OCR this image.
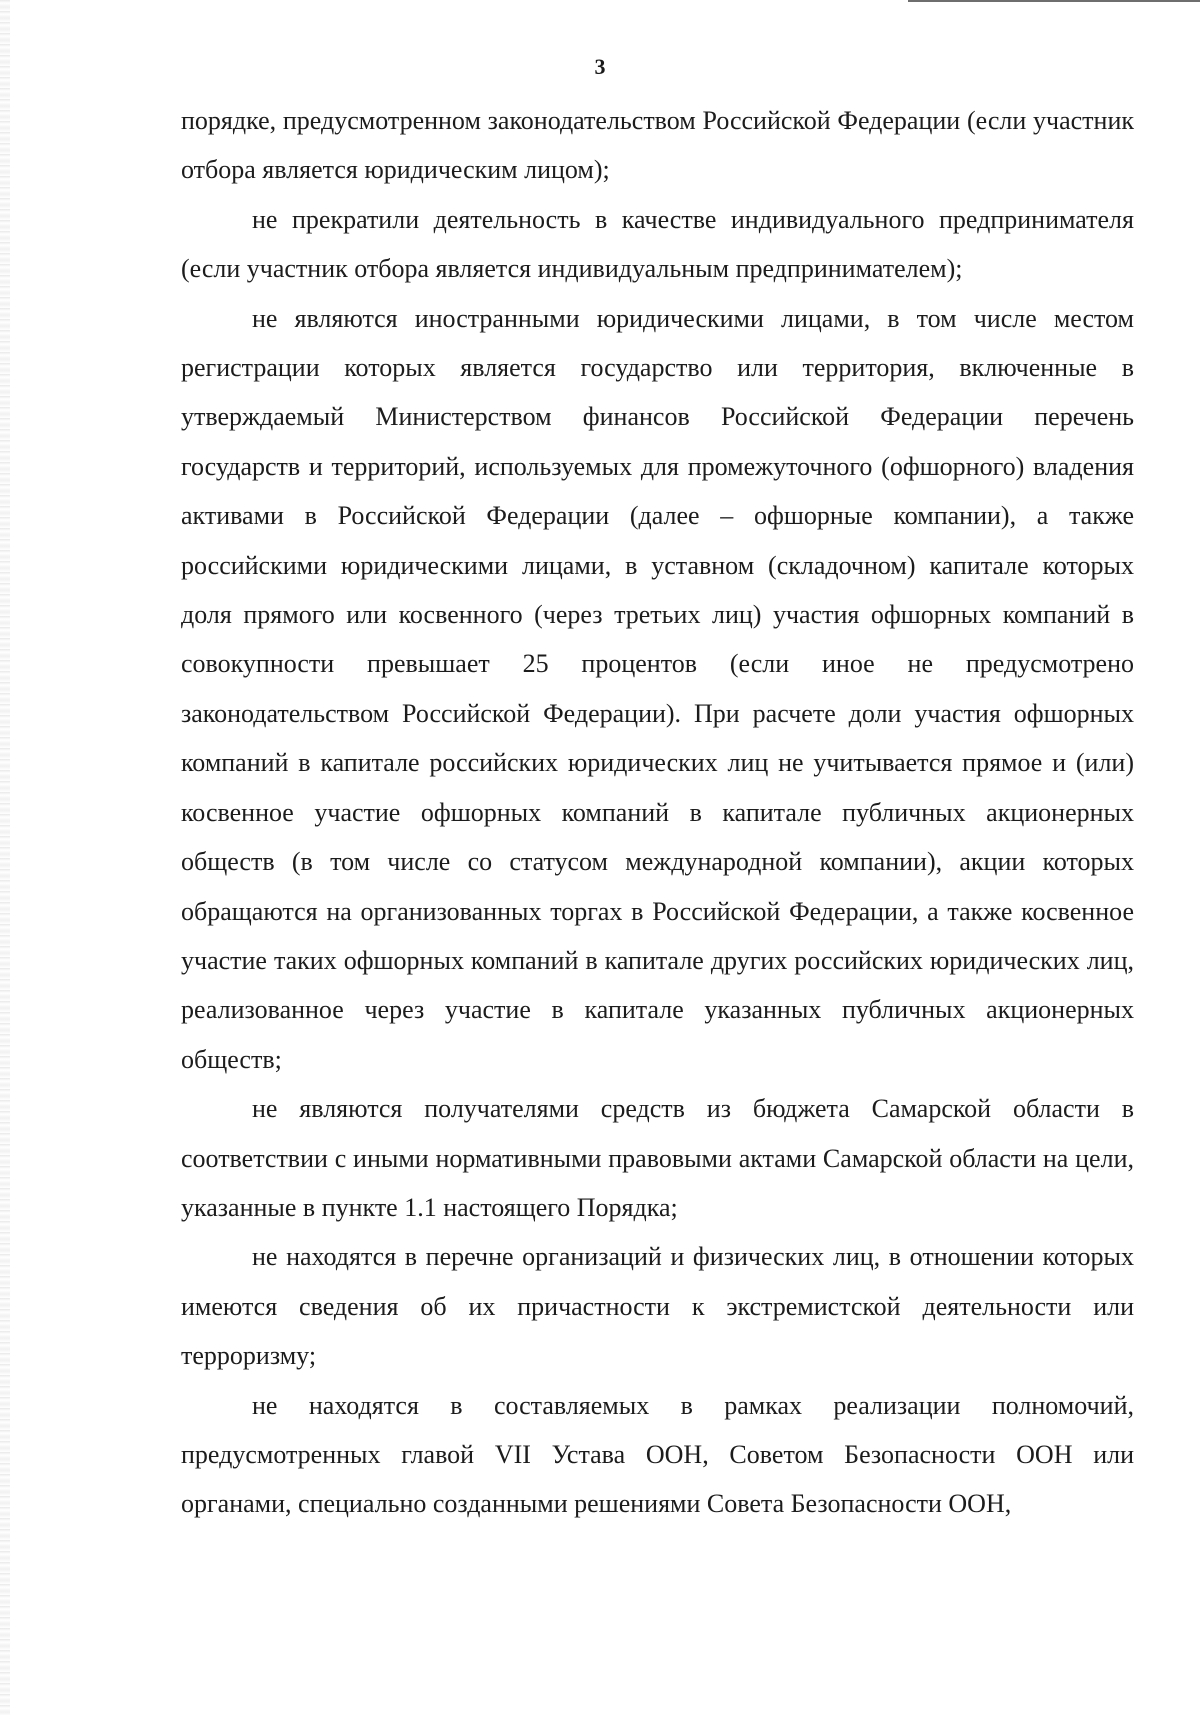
3

порядке, предусмотренном законодательством Российской Федерации (если участник отбора является юридическим лицом);

не прекратили деятельность в качестве индивидуального предпринимателя (если участник отбора является индивидуальным предпринимателем);

не являются иностранными юридическими лицами, в том числе местом регистрации которых является государство или территория, включенные в утверждаемый Министерством финансов Российской Федерации перечень государств и территорий, используемых для промежуточного (офшорного) владения активами в Российской Федерации (далее – офшорные компании), а также российскими юридическими лицами, в уставном (складочном) капитале которых доля прямого или косвенного (через третьих лиц) участия офшорных компаний в совокупности превышает 25 процентов (если иное не предусмотрено законодательством Российской Федерации). При расчете доли участия офшорных компаний в капитале российских юридических лиц не учитывается прямое и (или) косвенное участие офшорных компаний в капитале публичных акционерных обществ (в том числе со статусом международной компании), акции которых обращаются на организованных торгах в Российской Федерации, а также косвенное участие таких офшорных компаний в капитале других российских юридических лиц, реализованное через участие в капитале указанных публичных акционерных обществ;

не являются получателями средств из бюджета Самарской области в соответствии с иными нормативными правовыми актами Самарской области на цели, указанные в пункте 1.1 настоящего Порядка;

не находятся в перечне организаций и физических лиц, в отношении которых имеются сведения об их причастности к экстремистской деятельности или терроризму;

не находятся в составляемых в рамках реализации полномочий, предусмотренных главой VII Устава ООН, Советом Безопасности ООН или органами, специально созданными решениями Совета Безопасности ООН,
